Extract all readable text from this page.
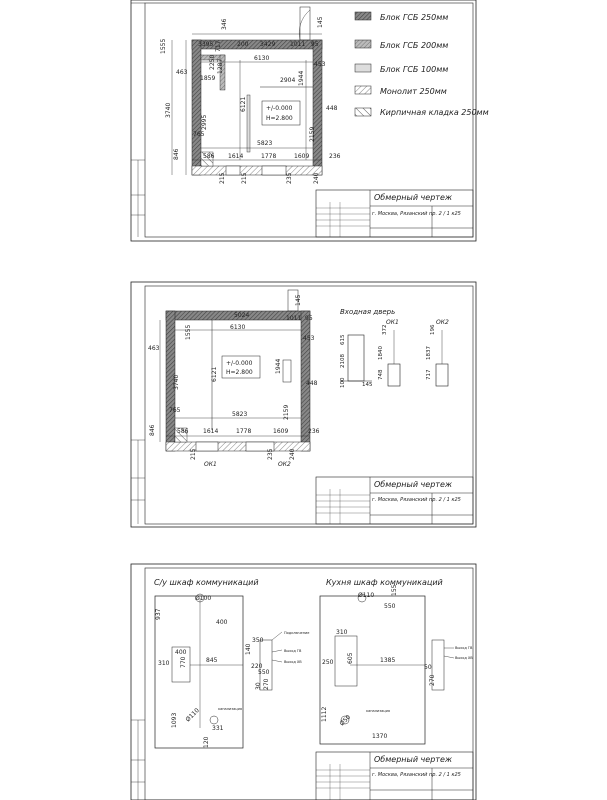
+/-0.000
H=2.800
1555	3395	200 3429 1011 95
145
346
6130
453
463
1859
2250
2904 1944
1287
717
3740	6121	448
2995
765
5823
2159
846	586 1614	1778	1609	236
215	215	235	240
Блок ГСБ 250мм
Блок ГСБ 200мм
Блок ГСБ 100мм
Монолит 250мм
Кирпичная кладка 250мм
Обмерный чертеж
г. Москва, Рязанский пр. 2 / 1 к25
+/-0.000
H=2.800
5024	1011 95
145
6130
453
463
1555
3740
6121
1944
448
765
5823	2159
846	586 1614	1778	1609	236
215	235	240
ОК1	ОК2
Входная дверь
ОК1	ОК2
615
2108
145
100
1840
748
1837
717
372	196
Обмерный чертеж
г. Москва, Рязанский пр. 2 / 1 к25
С/у шкаф коммуникаций	Кухня шкаф коммуникаций
Ø100
400
937
400
310	845
770
1093 Ø110
331
120
350
140
220
550
30 270
Подключение
Выход ГВ
Выход ХВ
канализация
Ø110	155
550
310
250 605	1385
50
270
1112 Ø50
1370
Выход ГВ
Выход ХВ
канализация
Обмерный чертеж
г. Москва, Рязанский пр. 2 / 1 к25
